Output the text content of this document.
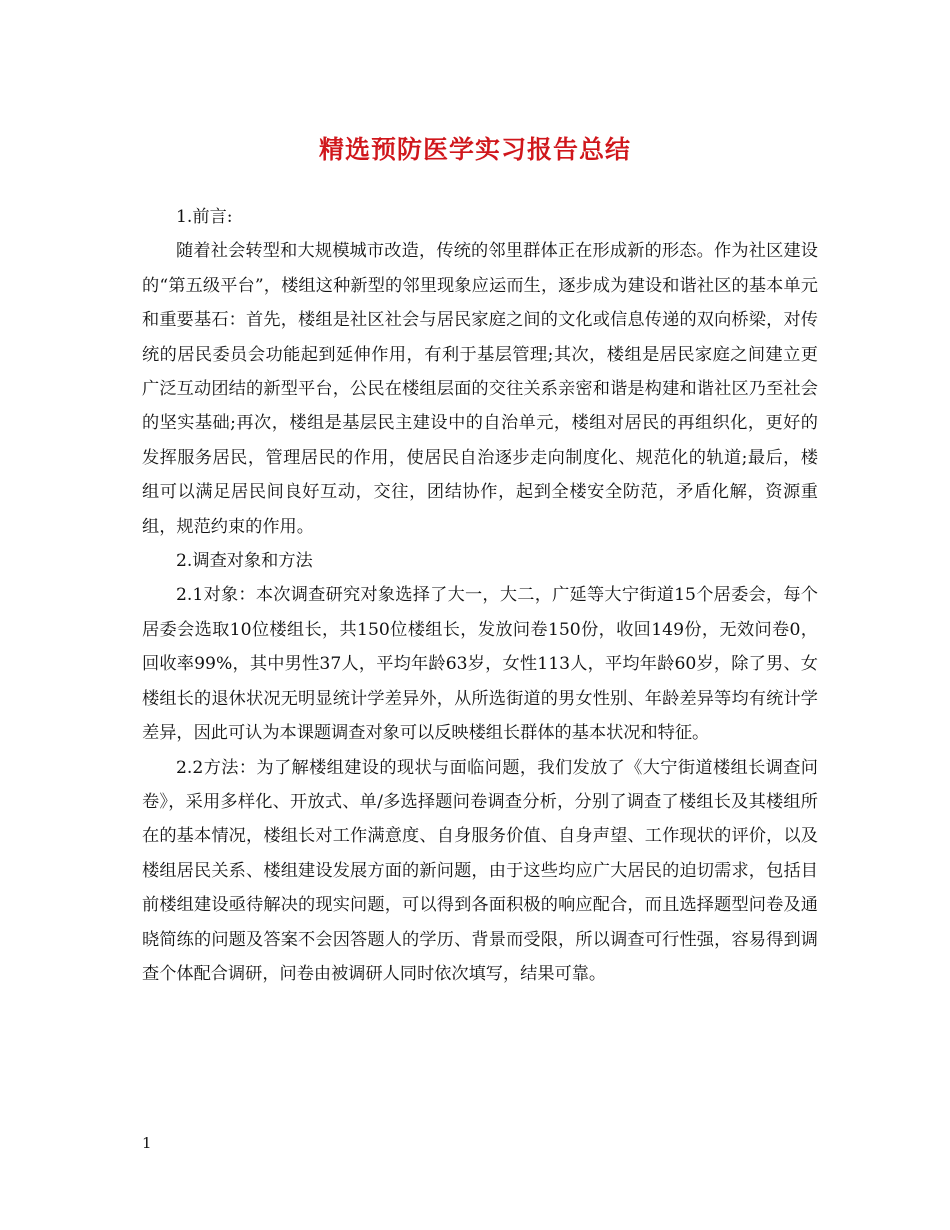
精选预防医学实习报告总结

1.前言:

随着社会转型和大规模城市改造，传统的邻里群体正在形成新的形态。作为社区建设的“第五级平台”，楼组这种新型的邻里现象应运而生，逐步成为建设和谐社区的基本单元和重要基石：首先，楼组是社区社会与居民家庭之间的文化或信息传递的双向桥梁，对传统的居民委员会功能起到延伸作用，有利于基层管理;其次，楼组是居民家庭之间建立更广泛互动团结的新型平台，公民在楼组层面的交往关系亲密和谐是构建和谐社区乃至社会的坚实基础;再次，楼组是基层民主建设中的自治单元，楼组对居民的再组织化，更好的发挥服务居民，管理居民的作用，使居民自治逐步走向制度化、规范化的轨道;最后，楼组可以满足居民间良好互动，交往，团结协作，起到全楼安全防范，矛盾化解，资源重组，规范约束的作用。

2.调查对象和方法

2.1对象：本次调查研究对象选择了大一，大二，广延等大宁街道15个居委会，每个居委会选取10位楼组长，共150位楼组长，发放问卷150份，收回149份，无效问卷0，回收率99%，其中男性37人，平均年龄63岁，女性113人，平均年龄60岁，除了男、女楼组长的退休状况无明显统计学差异外，从所选街道的男女性别、年龄差异等均有统计学差异，因此可认为本课题调查对象可以反映楼组长群体的基本状况和特征。

2.2方法：为了解楼组建设的现状与面临问题，我们发放了《大宁街道楼组长调查问卷》，采用多样化、开放式、单/多选择题问卷调查分析，分别了调查了楼组长及其楼组所在的基本情况，楼组长对工作满意度、自身服务价值、自身声望、工作现状的评价，以及楼组居民关系、楼组建设发展方面的新问题，由于这些均应广大居民的迫切需求，包括目前楼组建设亟待解决的现实问题，可以得到各面积极的响应配合，而且选择题型问卷及通晓简练的问题及答案不会因答题人的学历、背景而受限，所以调查可行性强，容易得到调查个体配合调研，问卷由被调研人同时依次填写，结果可靠。

1
